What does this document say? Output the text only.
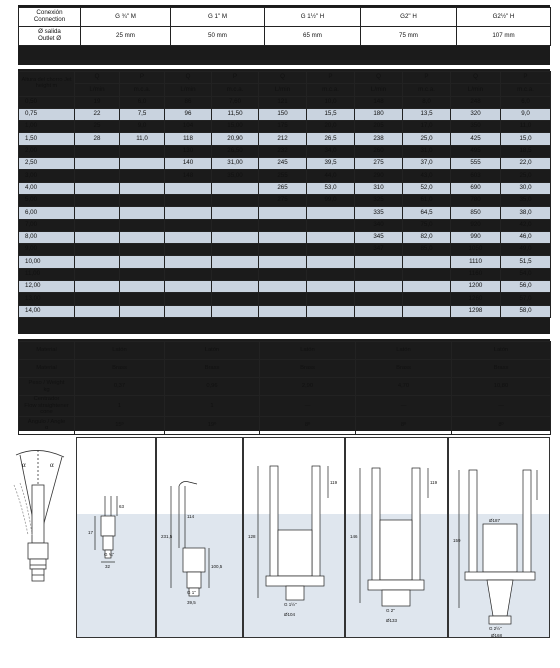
Conexión
Connection	G ¾" M	G 1" M	G 1½" H	G2" H	G2½" H

Ø salida
Outlet Ø	25 mm	50 mm	65 mm	75 mm	107 mm
Altura del chorro Jet height m	Q	P	Q	P	Q	P	Q	P	Q	P
	L/min	m.c.a.	L/min	m.c.a.	L/min	m.c.a.	L/min	m.c.a.	L/min	m.c.a.
0,50	19	6,0	86	7,60	121	10,0	148	8,0	248	6,0
0,75	22	7,5	96	11,50	150	15,5	180	13,5	320	9,0
1,00	25	9,0	104	15,00	175	20,0	205	17,0	350	11,0
1,50	28	11,0	118	20,90	212	26,5	238	25,0	425	15,0
2,00			130	26,50	232	34,0	260	31,0	495	18,5
2,50			140	31,00	245	39,5	275	37,0	555	22,0
3,00			148	35,00	255	44,0	290	43,0	603	25,0
4,00					265	53,0	310	52,0	690	30,0
5,00					275	99,0	325	61,0	780	35,0
6,00							335	64,5	850	38,0
7,00							340	75,0	920	42,0
8,00							345	82,0	990	46,0
9,00							347	85,0	1050	49,0
10,00									1110	51,5
11,00									1160	54,0
12,00									1200	56,0
13,00									1260	57,0
14,00									1298	58,0
Material	Latón	Latón	Latón	Latón	Latón

Material	Brass	Brass	Brass	Brass	Brass

Peso / Weight
kg	0,37	0,96	2,90	4,70	10,80

Centrador
Flow straightener cone	1	1	—	—	—

Ángulo / Angle
α	15º	19º	8º	8º	8º
α	α
63
17
G ¾"
32
231,5
114
100,5
G 1"
39,5
119
128
G 1½"
Ø104
119
146
G 2"
Ø133
159
Ø187
G 2½"
Ø168
